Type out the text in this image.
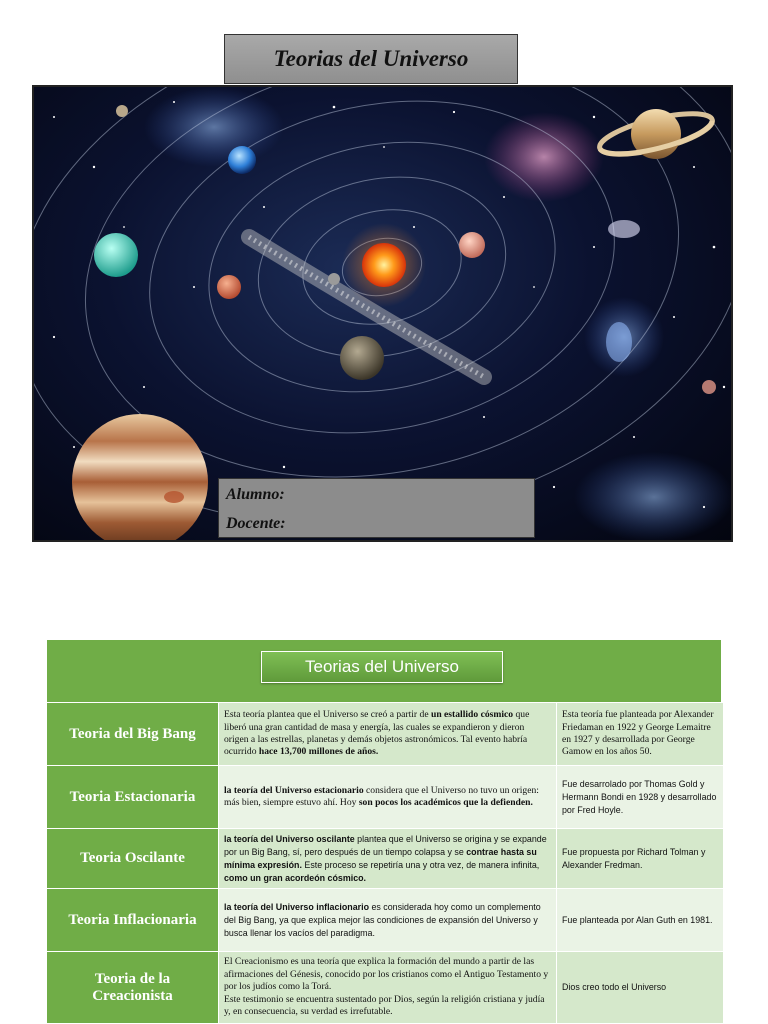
Teorias del Universo
Alumno:
Docente:
Teorias del Universo
Teoria del Big Bang
Esta teoría plantea que el Universo se creó a partir de un estallido cósmico que liberó una gran cantidad de masa y energía, las cuales se expandieron y dieron origen a las estrellas, planetas y demás objetos astronómicos. Tal evento habría ocurrido hace 13,700 millones de años.
Esta teoría fue planteada por Alexander Friedaman en 1922 y George Lemaitre en 1927 y desarrollada por George Gamow en los años 50.
Teoria Estacionaria	la teoría del Universo estacionario considera que el Universo no tuvo un origen: más bien, siempre estuvo ahí. Hoy son pocos los académicos que la defienden.
Fue desarrolado por Thomas Gold y Hermann Bondi en 1928 y desarrollado por Fred Hoyle.
Teoria Oscilante
la teoría del Universo oscilante plantea que el Universo se origina y se expande por un Big Bang, sí, pero después de un tiempo colapsa y se contrae hasta su mínima expresión. Este proceso se repetiría una y otra vez, de manera infinita, como un gran acordeón cósmico.
Fue propuesta por Richard Tolman y Alexander Fredman.
Teoria Inflacionaria
la teoría del Universo inflacionario es considerada hoy como un complemento del Big Bang, ya que explica mejor las condiciones de expansión del Universo y busca llenar los vacíos del paradigma.
Fue planteada por Alan Guth en 1981.
Teoria de la Creacionista
El Creacionismo es una teoría que explica la formación del mundo a partir de las afirmaciones del Génesis, conocido por los cristianos como el Antiguo Testamento y por los judíos como la Torá.
Este testimonio se encuentra sustentado por Dios, según la religión cristiana y judía y, en consecuencia, su verdad es irrefutable.
Dios creo todo el Universo
